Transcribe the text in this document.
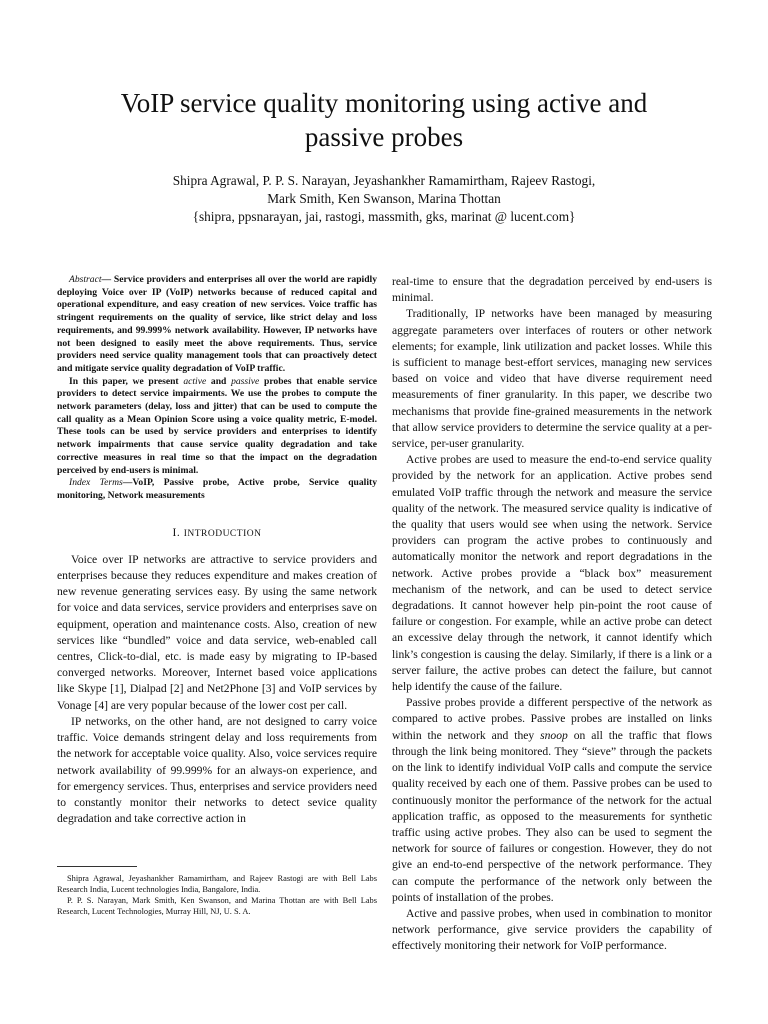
VoIP service quality monitoring using active and
passive probes
Shipra Agrawal, P. P. S. Narayan, Jeyashankher Ramamirtham, Rajeev Rastogi,
Mark Smith, Ken Swanson, Marina Thottan
{shipra, ppsnarayan, jai, rastogi, massmith, gks, marinat @ lucent.com}

Abstract— Service providers and enterprises all over the world are rapidly deploying Voice over IP (VoIP) networks because of reduced capital and operational expenditure, and easy creation of new services. Voice traffic has stringent requirements on the quality of service, like strict delay and loss requirements, and 99.999% network availability. However, IP networks have not been designed to easily meet the above requirements. Thus, service providers need service quality management tools that can proactively detect and mitigate service quality degradation of VoIP traffic.

In this paper, we present active and passive probes that enable service providers to detect service impairments. We use the probes to compute the network parameters (delay, loss and jitter) that can be used to compute the call quality as a Mean Opinion Score using a voice quality metric, E-model. These tools can be used by service providers and enterprises to identify network impairments that cause service quality degradation and take corrective measures in real time so that the impact on the degradation perceived by end-users is minimal.

Index Terms—VoIP, Passive probe, Active probe, Service quality monitoring, Network measurements

I. INTRODUCTION

Voice over IP networks are attractive to service providers and enterprises because they reduces expenditure and makes creation of new revenue generating services easy. By using the same network for voice and data services, service providers and enterprises save on equipment, operation and maintenance costs. Also, creation of new services like “bundled” voice and data service, web-enabled call centres, Click-to-dial, etc. is made easy by migrating to IP-based converged networks. Moreover, Internet based voice applications like Skype [1], Dialpad [2] and Net2Phone [3] and VoIP services by Vonage [4] are very popular because of the lower cost per call.

IP networks, on the other hand, are not designed to carry voice traffic. Voice demands stringent delay and loss requirements from the network for acceptable voice quality. Also, voice services require network availability of 99.999% for an always-on experience, and for emergency services. Thus, enterprises and service providers need to constantly monitor their networks to detect sevice quality degradation and take corrective action in

Shipra Agrawal, Jeyashankher Ramamirtham, and Rajeev Rastogi are with Bell Labs Research India, Lucent technologies India, Bangalore, India.

P. P. S. Narayan, Mark Smith, Ken Swanson, and Marina Thottan are with Bell Labs Research, Lucent Technologies, Murray Hill, NJ, U. S. A.

real-time to ensure that the degradation perceived by end-users is minimal.

Traditionally, IP networks have been managed by measuring aggregate parameters over interfaces of routers or other network elements; for example, link utilization and packet losses. While this is sufficient to manage best-effort services, managing new services based on voice and video that have diverse requirement need measurements of finer granularity. In this paper, we describe two mechanisms that provide fine-grained measurements in the network that allow service providers to determine the service quality at a per-service, per-user granularity.

Active probes are used to measure the end-to-end service quality provided by the network for an application. Active probes send emulated VoIP traffic through the network and measure the service quality of the network. The measured service quality is indicative of the quality that users would see when using the network. Service providers can program the active probes to continuously and automatically monitor the network and report degradations in the network. Active probes provide a “black box” measurement mechanism of the network, and can be used to detect service degradations. It cannot however help pin-point the root cause of failure or congestion. For example, while an active probe can detect an excessive delay through the network, it cannot identify which link’s congestion is causing the delay. Similarly, if there is a link or a server failure, the active probes can detect the failure, but cannot help identify the cause of the failure.

Passive probes provide a different perspective of the network as compared to active probes. Passive probes are installed on links within the network and they snoop on all the traffic that flows through the link being monitored. They “sieve” through the packets on the link to identify individual VoIP calls and compute the service quality received by each one of them. Passive probes can be used to continuously monitor the performance of the network for the actual application traffic, as opposed to the measurements for synthetic traffic using active probes. They also can be used to segment the network for source of failures or congestion. However, they do not give an end-to-end perspective of the network performance. They can compute the performance of the network only between the points of installation of the probes.

Active and passive probes, when used in combination to monitor network performance, give service providers the capability of effectively monitoring their network for VoIP performance.
